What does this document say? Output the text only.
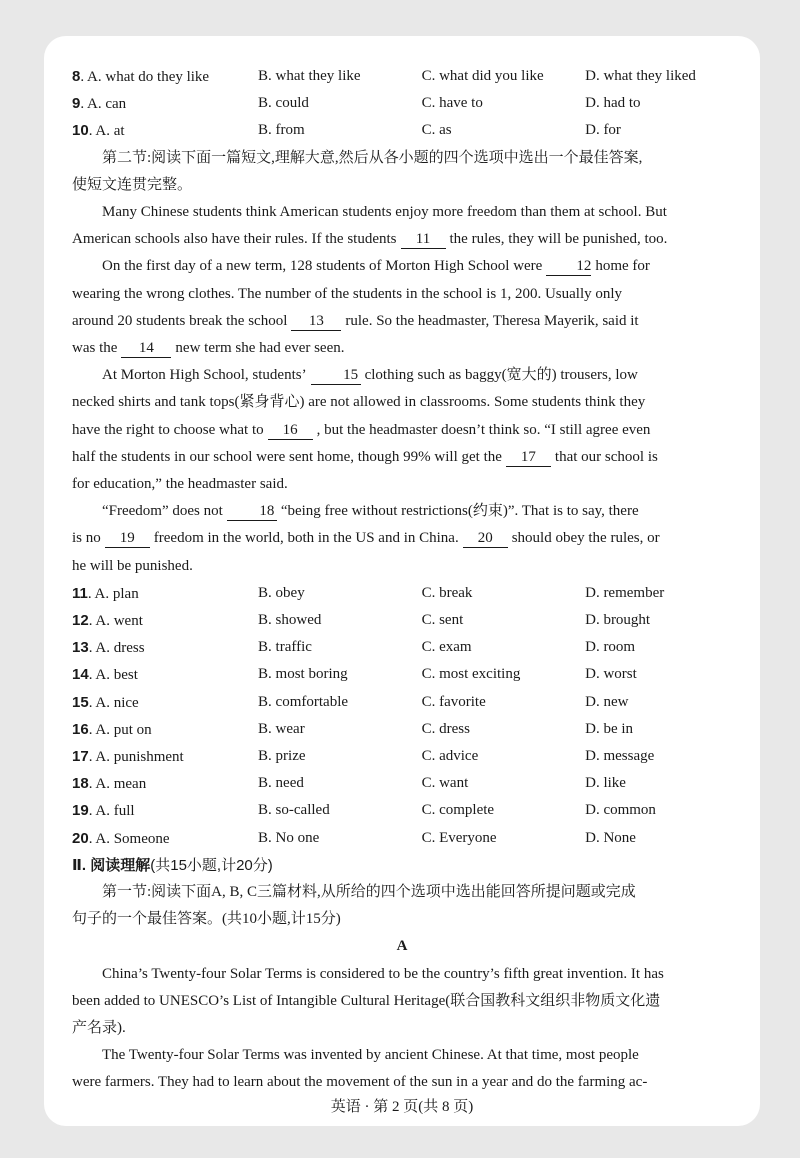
8. A. what do they like	B. what they like	C. what did you like	D. what they liked
9. A. can	B. could	C. have to	D. had to
10. A. at	B. from	C. as	D. for
第二节:阅读下面一篇短文,理解大意,然后从各小题的四个选项中选出一个最佳答案,
使短文连贯完整。
Many Chinese students think American students enjoy more freedom than them at school. But
American schools also have their rules. If the students 11 the rules, they will be punished, too.
On the first day of a new term, 128 students of Morton High School were 12 home for
wearing the wrong clothes. The number of the students in the school is 1, 200. Usually only
around 20 students break the school 13 rule. So the headmaster, Theresa Mayerik, said it
was the 14 new term she had ever seen.
At Morton High School, students’ 15 clothing such as baggy(宽大的) trousers, low
necked shirts and tank tops(紧身背心) are not allowed in classrooms. Some students think they
have the right to choose what to 16 , but the headmaster doesn’t think so. “I still agree even
half the students in our school were sent home, though 99% will get the 17 that our school is
for education,” the headmaster said.
“Freedom” does not 18 “being free without restrictions(约束)”. That is to say, there
is no 19 freedom in the world, both in the US and in China. 20 should obey the rules, or
he will be punished.
11. A. plan	B. obey	C. break	D. remember
12. A. went	B. showed	C. sent	D. brought
13. A. dress	B. traffic	C. exam	D. room
14. A. best	B. most boring	C. most exciting	D. worst
15. A. nice	B. comfortable	C. favorite	D. new
16. A. put on	B. wear	C. dress	D. be in
17. A. punishment	B. prize	C. advice	D. message
18. A. mean	B. need	C. want	D. like
19. A. full	B. so-called	C. complete	D. common
20. A. Someone	B. No one	C. Everyone	D. None
Ⅱ. 阅读理解(共15小题,计20分)
第一节:阅读下面A, B, C三篇材料,从所给的四个选项中选出能回答所提问题或完成
句子的一个最佳答案。(共10小题,计15分)
A
China’s Twenty-four Solar Terms is considered to be the country’s fifth great invention. It has
been added to UNESCO’s List of Intangible Cultural Heritage(联合国教科文组织非物质文化遗
产名录).
The Twenty-four Solar Terms was invented by ancient Chinese. At that time, most people
were farmers. They had to learn about the movement of the sun in a year and do the farming ac-
英语 · 第 2 页(共 8 页)
